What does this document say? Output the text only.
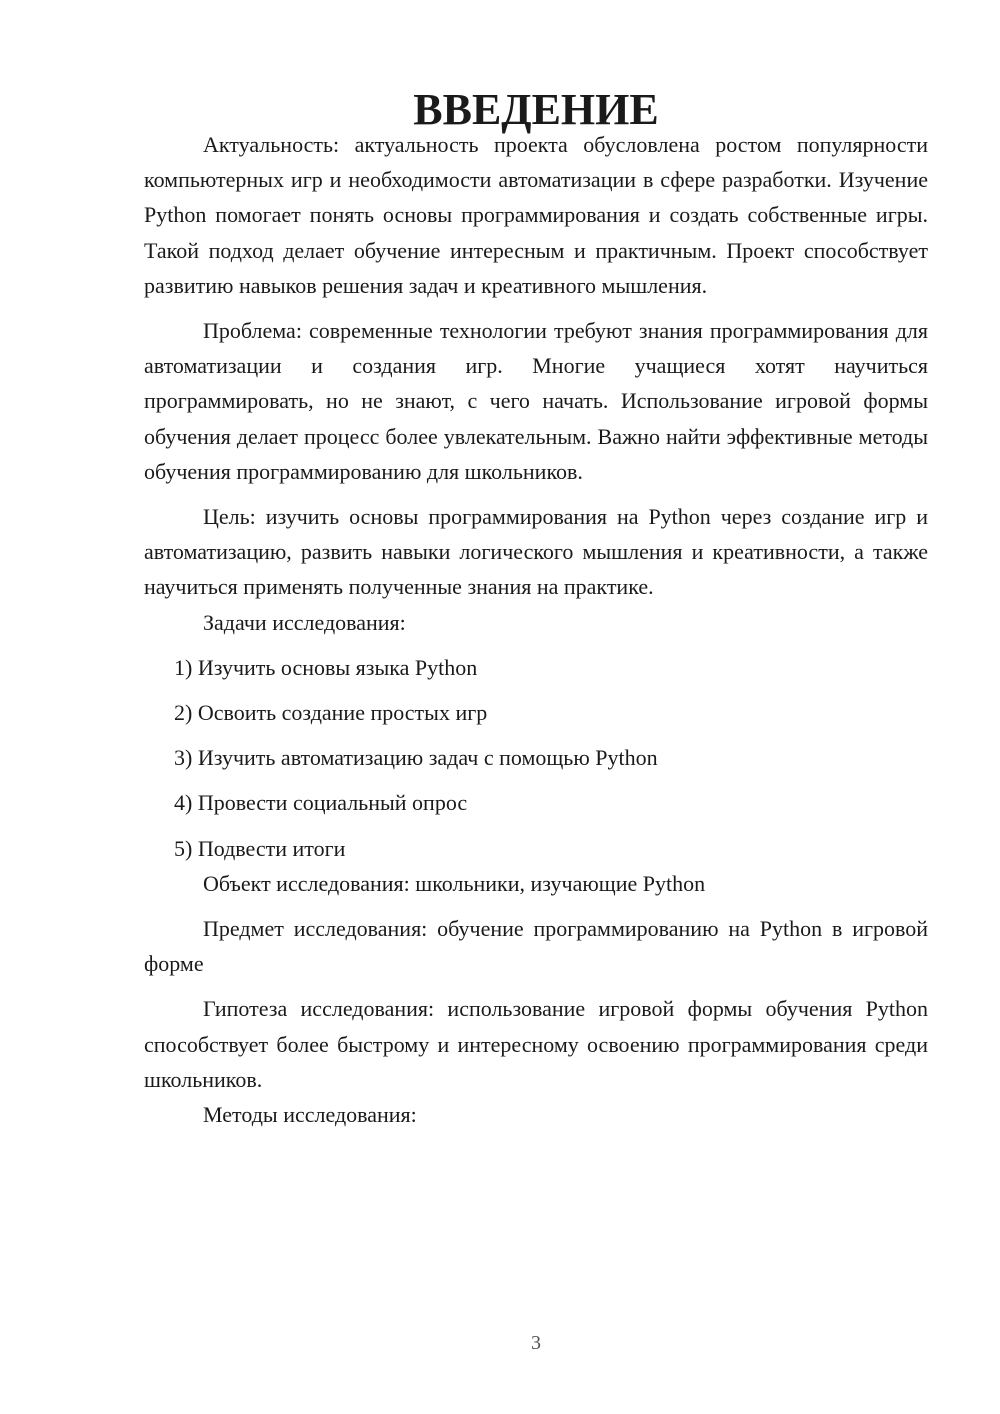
ВВЕДЕНИЕ

Актуальность: актуальность проекта обусловлена ростом популярности компьютерных игр и необходимости автоматизации в сфере разработки. Изучение Python помогает понять основы программирования и создать собственные игры. Такой подход делает обучение интересным и практичным. Проект способствует развитию навыков решения задач и креативного мышления.

Проблема: современные технологии требуют знания программирования для автоматизации и создания игр. Многие учащиеся хотят научиться программировать, но не знают, с чего начать. Использование игровой формы обучения делает процесс более увлекательным. Важно найти эффективные методы обучения программированию для школьников.

Цель: изучить основы программирования на Python через создание игр и автоматизацию, развить навыки логического мышления и креативности, а также научиться применять полученные знания на практике.

Задачи исследования:

1) Изучить основы языка Python

2) Освоить создание простых игр

3) Изучить автоматизацию задач с помощью Python

4) Провести социальный опрос

5) Подвести итоги

Объект исследования: школьники, изучающие Python

Предмет исследования: обучение программированию на Python в игровой форме

Гипотеза исследования: использование игровой формы обучения Python способствует более быстрому и интересному освоению программирования среди школьников.

Методы исследования:

3
